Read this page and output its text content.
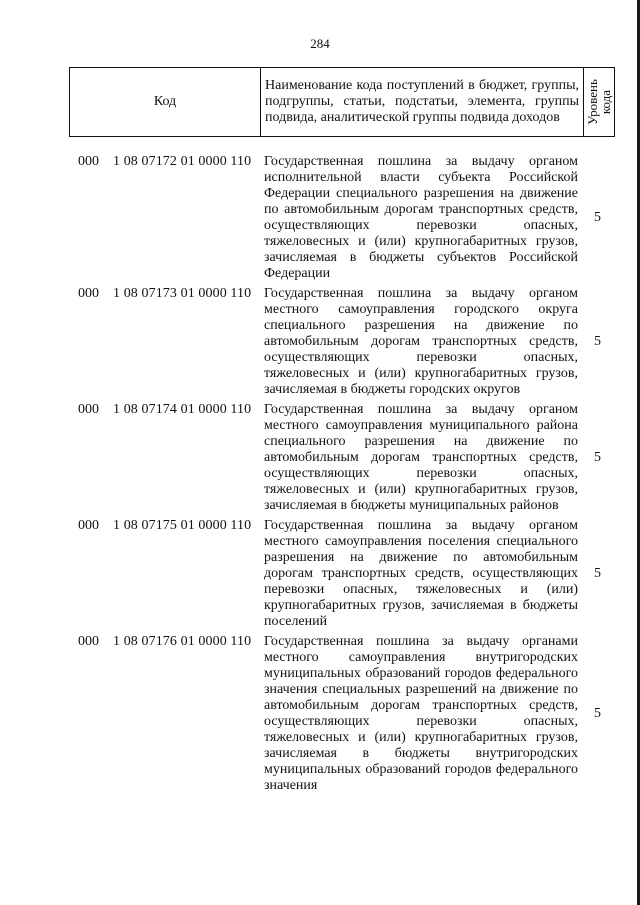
284
Код	Наименование кода поступлений в бюджет, группы, подгруппы, статьи, подстатьи, элемента, группы подвида, аналитической группы подвида доходов	Уровень
кода
000 1 08 07172 01 0000 110 Государственная пошлина за выдачу органом исполнительной власти субъекта Российской Федерации специального разрешения на движение по автомобильным дорогам транспортных средств, осуществляющих перевозки опасных, тяжеловесных и (или) крупногабаритных грузов, зачисляемая в бюджеты субъектов Российской Федерации
5
000 1 08 07173 01 0000 110 Государственная пошлина за выдачу органом местного самоуправления городского округа специального разрешения на движение по автомобильным дорогам транспортных средств, осуществляющих перевозки опасных, тяжеловесных и (или) крупногабаритных грузов, зачисляемая в бюджеты городских округов
5
000 1 08 07174 01 0000 110 Государственная пошлина за выдачу органом местного самоуправления муниципального района специального разрешения на движение по автомобильным дорогам транспортных средств, осуществляющих перевозки опасных, тяжеловесных и (или) крупногабаритных грузов, зачисляемая в бюджеты муниципальных районов
5
000 1 08 07175 01 0000 110 Государственная пошлина за выдачу органом местного самоуправления поселения специального разрешения на движение по автомобильным дорогам транспортных средств, осуществляющих перевозки опасных, тяжеловесных и (или) крупногабаритных грузов, зачисляемая в бюджеты поселений
5
000 1 08 07176 01 0000 110 Государственная пошлина за выдачу органами местного самоуправления внутригородских муниципальных образований городов федерального значения специальных разрешений на движение по автомобильным дорогам транспортных средств, осуществляющих перевозки опасных, тяжеловесных и (или) крупногабаритных грузов, зачисляемая в бюджеты внутригородских муниципальных образований городов федерального значения
5
